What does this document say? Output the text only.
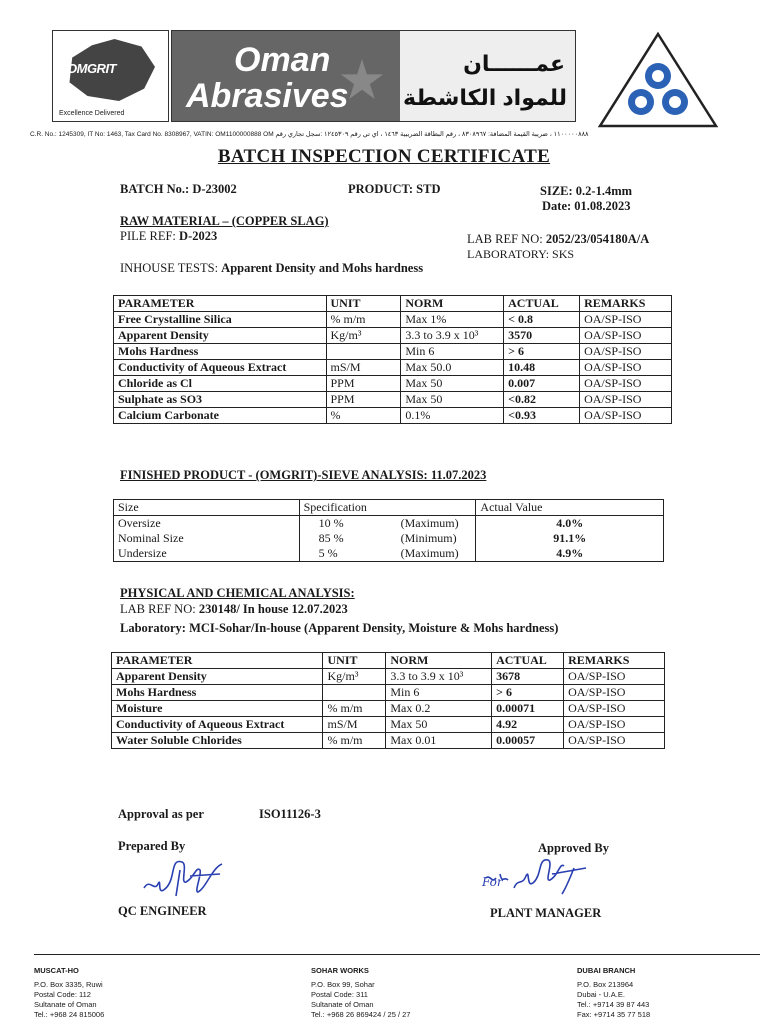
OMGRIT
Excellence Delivered
Oman
Abrasives
عمــــــان
للمواد الكاشطة
C.R. No.: 1245309, IT No: 1463, Tax Card No. 8308967, VATIN: OM1100000888 OM ١١٠٠٠٠٠٨٨٨ ، ضريبة القيمة المضافة: ٨٣٠٨٩٦٧ ، رقم البطاقة الضريبية ١٤٦٣ ، اي تي رقم ١٢٤٥٣٠٩ :سجل تجاري رقم
BATCH INSPECTION CERTIFICATE
BATCH No.: D-23002	PRODUCT: STD	SIZE: 0.2-1.4mm
Date: 01.08.2023
RAW MATERIAL – (COPPER SLAG)
PILE REF: D-2023	LAB REF NO: 2052/23/054180A/A
LABORATORY: SKS
INHOUSE TESTS: Apparent Density and Mohs hardness
PARAMETER	UNIT	NORM	ACTUAL	REMARKS
Free Crystalline Silica	% m/m	Max 1%	< 0.8	OA/SP-ISO
Apparent Density	Kg/m³	3.3 to 3.9 x 10³	3570	OA/SP-ISO
Mohs Hardness		Min 6	> 6	OA/SP-ISO
Conductivity of Aqueous Extract	mS/M	Max 50.0	10.48	OA/SP-ISO
Chloride as Cl	PPM	Max 50	0.007	OA/SP-ISO
Sulphate as SO3	PPM	Max 50	<0.82	OA/SP-ISO
Calcium Carbonate	%	0.1%	<0.93	OA/SP-ISO
FINISHED PRODUCT - (OMGRIT)-SIEVE ANALYSIS: 11.07.2023
Size	Specification	Actual Value
Oversize	10 % (Maximum)	4.0%
Nominal Size	85 % (Minimum)	91.1%
Undersize	5 % (Maximum)	4.9%
PHYSICAL AND CHEMICAL ANALYSIS:
LAB REF NO: 230148/ In house 12.07.2023
Laboratory: MCI-Sohar/In-house (Apparent Density, Moisture & Mohs hardness)
PARAMETER	UNIT	NORM	ACTUAL	REMARKS
Apparent Density	Kg/m³	3.3 to 3.9 x 10³	3678	OA/SP-ISO
Mohs Hardness		Min 6	> 6	OA/SP-ISO
Moisture	% m/m	Max 0.2	0.00071	OA/SP-ISO
Conductivity of Aqueous Extract	mS/M	Max 50	4.92	OA/SP-ISO
Water Soluble Chlorides	% m/m	Max 0.01	0.00057	OA/SP-ISO
Approval as per	ISO11126-3
Prepared By	Approved By
For
QC ENGINEER	PLANT MANAGER
MUSCAT-HO
P.O. Box 3335, Ruwi
Postal Code: 112
Sultanate of Oman
Tel.: +968 24 815006
SOHAR WORKS
P.O. Box 99, Sohar
Postal Code: 311
Sultanate of Oman
Tel.: +968 26 869424 / 25 / 27
DUBAI BRANCH
P.O. Box 213964
Dubai - U.A.E.
Tel.: +9714 39 87 443
Fax: +9714 35 77 518
